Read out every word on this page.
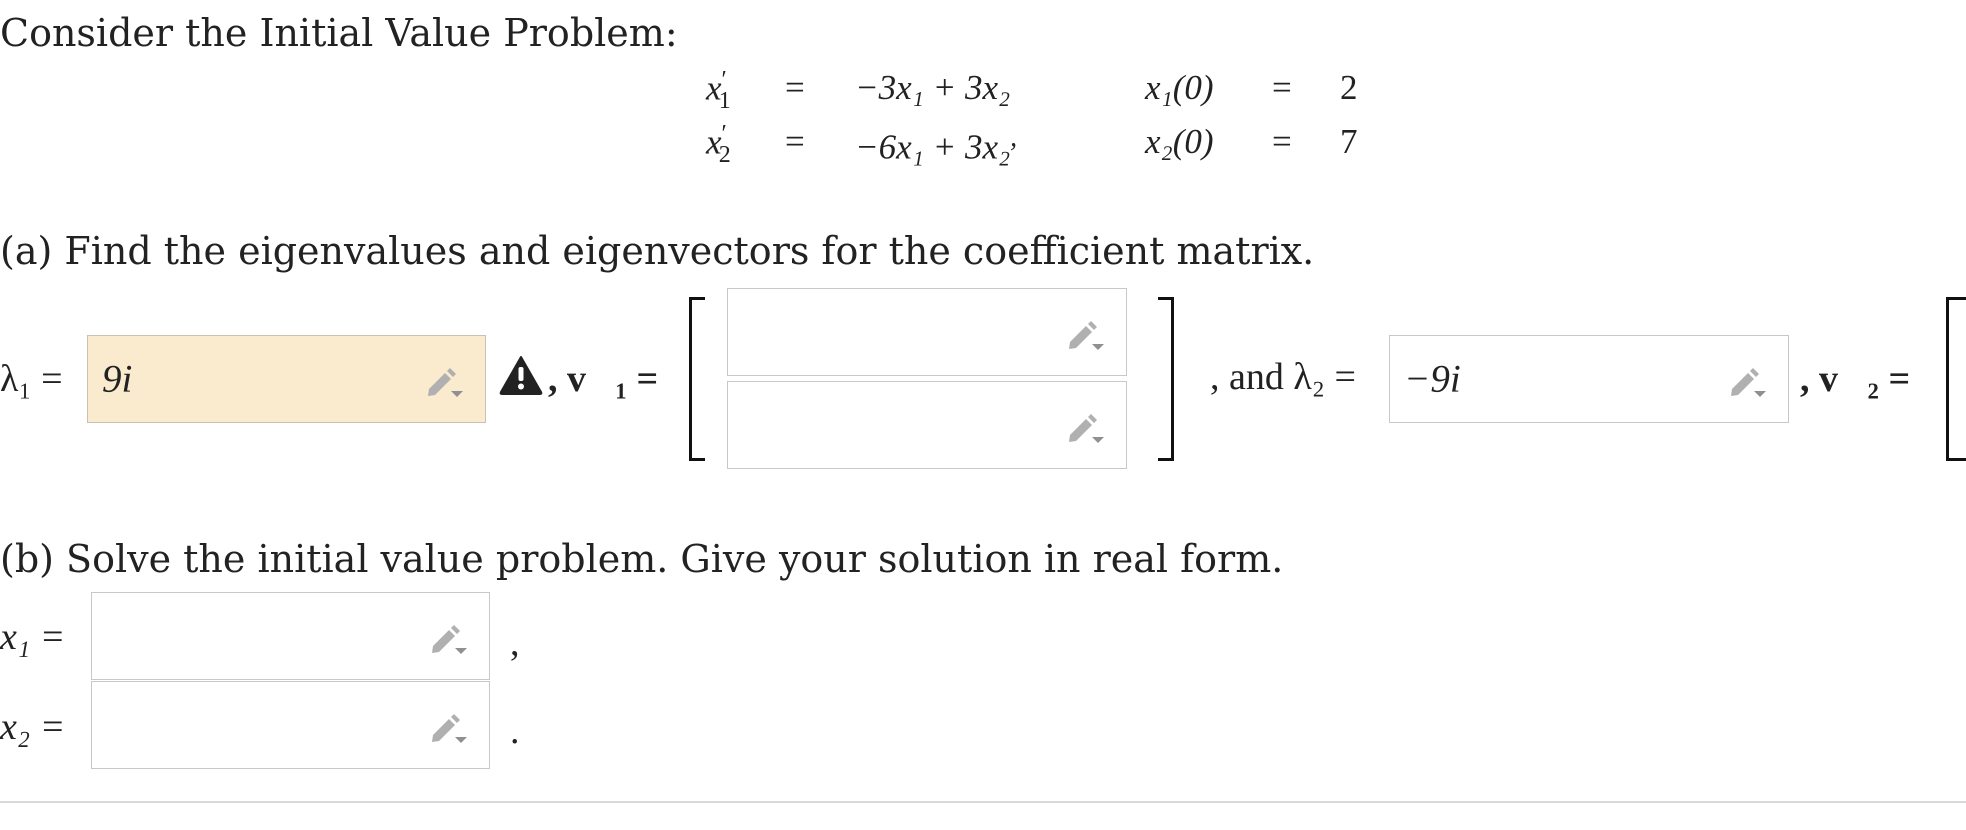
Consider the Initial Value Problem:
$x'_1 = -3x_1 + 3x_2$	x₁(0) = 2
$x'_2 = -6x_1 + 3x_2^,$	x₂(0) = 7
(a) Find the eigenvalues and eigenvectors for the coefficient matrix.
λ₁ = 9i	, v⃗₁ =	, and λ₂ = −9i	, v⃗₂ =
(b) Solve the initial value problem. Give your solution in real form.
x₁ =	,
x₂ =	.
